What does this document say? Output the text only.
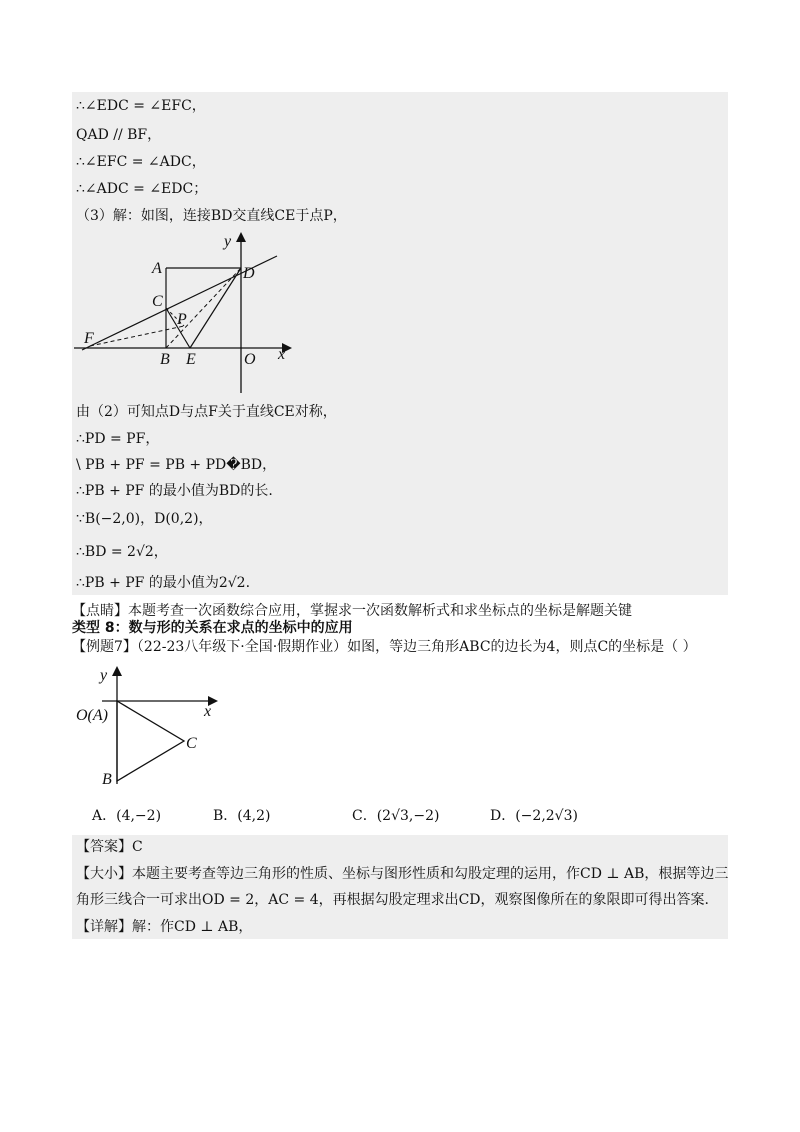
∴∠EDC = ∠EFC，
QAD // BF，
∴∠EFC = ∠ADC，
∴∠ADC = ∠EDC；
（3）解：如图，连接BD交直线CE于点P，
y
x
A	D
C
P
F
B E	O
由（2）可知点D与点F关于直线CE对称，
∴PD = PF，
\ PB + PF = PB + PD�BD，
∴PB + PF 的最小值为BD的长.
∵B(−2,0)，D(0,2)，
∴BD = 2√2，
∴PB + PF 的最小值为2√2.
【点睛】本题考查一次函数综合应用，掌握求一次函数解析式和求坐标点的坐标是解题关键
类型 8：数与形的关系在求点的坐标中的应用
【例题7】（22-23八年级下·全国·假期作业）如图，等边三角形ABC的边长为4，则点C的坐标是（ ）
y
x
O(A)
C
B
A．(4,−2)	B．(4,2)	C．(2√3,−2)	D．(−2,2√3)
【答案】C
【大小】本题主要考查等边三角形的性质、坐标与图形性质和勾股定理的运用，作CD ⊥ AB，根据等边三
角形三线合一可求出OD = 2，AC = 4，再根据勾股定理求出CD，观察图像所在的象限即可得出答案.
【详解】解：作CD ⊥ AB，
